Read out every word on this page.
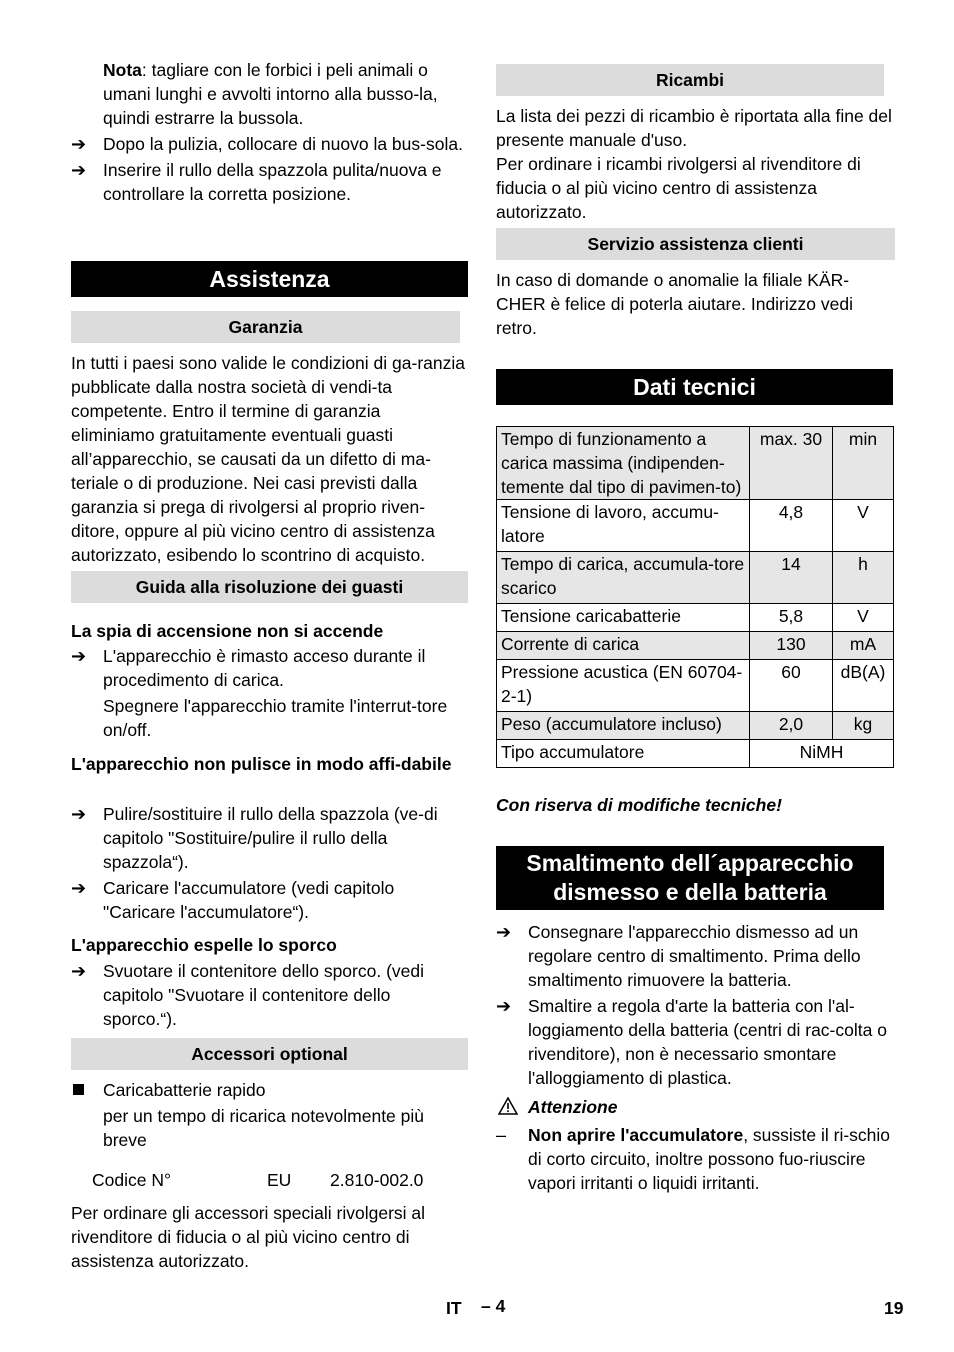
Nota: tagliare con le forbici i peli animali o umani lunghi e avvolti intorno alla busso-la, quindi estrarre la bussola.

➔ Dopo la pulizia, collocare di nuovo la bus-sola.
➔ Inserire il rullo della spazzola pulita/nuova e controllare la corretta posizione.
Assistenza
Garanzia
In tutti i paesi sono valide le condizioni di ga-ranzia pubblicate dalla nostra società di vendi-ta competente. Entro il termine di garanzia eliminiamo gratuitamente eventuali guasti all’apparecchio, se causati da un difetto di ma-teriale o di produzione. Nei casi previsti dalla garanzia si prega di rivolgersi al proprio riven-ditore, oppure al più vicino centro di assistenza autorizzato, esibendo lo scontrino di acquisto.
Guida alla risoluzione dei guasti
La spia di accensione non si accende
➔ L'apparecchio è rimasto acceso durante il procedimento di carica.

Spegnere l'apparecchio tramite l'interrut-tore on/off.

L'apparecchio non pulisce in modo affi-dabile
➔ Pulire/sostituire il rullo della spazzola (ve-di capitolo "Sostituire/pulire il rullo della spazzola“).
➔ Caricare l'accumulatore (vedi capitolo "Caricare l'accumulatore“).
L'apparecchio espelle lo sporco
➔ Svuotare il contenitore dello sporco. (vedi capitolo "Svuotare il contenitore dello sporco.“).
Accessori optional
Caricabatterie rapido

per un tempo di ricarica notevolmente più breve

Codice N°	EU 2.810-002.0
Per ordinare gli accessori speciali rivolgersi al rivenditore di fiducia o al più vicino centro di assistenza autorizzato.
Ricambi

La lista dei pezzi di ricambio è riportata alla fine del presente manuale d'uso.

Per ordinare i ricambi rivolgersi al rivenditore di fiducia o al più vicino centro di assistenza autorizzato.

Servizio assistenza clienti
In caso di domande o anomalie la filiale KÄR-CHER è felice di poterla aiutare. Indirizzo vedi retro.
Dati tecnici
Tempo di funzionamento a carica massima (indipenden-temente dal tipo di pavimen-to)	max. 30	min
Tensione di lavoro, accumu-latore	4,8	V
Tempo di carica, accumula-tore scarico	14	h
Tensione caricabatterie	5,8	V
Corrente di carica	130	mA
Pressione acustica (EN 60704-2-1)	60	dB(A)
Peso (accumulatore incluso)	2,0	kg
Tipo accumulatore	NiMH	
Con riserva di modifiche tecniche!
Smaltimento dell´apparecchio
dismesso e della batteria
➔ Consegnare l'apparecchio dismesso ad un regolare centro di smaltimento. Prima dello smaltimento rimuovere la batteria.
➔ Smaltire a regola d'arte la batteria con l'al-loggiamento della batteria (centri di rac-colta o rivenditore), non è necessario smontare l'alloggiamento di plastica.
Attenzione
– Non aprire l'accumulatore, sussiste il ri-schio di corto circuito, inoltre possono fuo-riuscire vapori irritanti o liquidi irritanti.
IT – 4	19
